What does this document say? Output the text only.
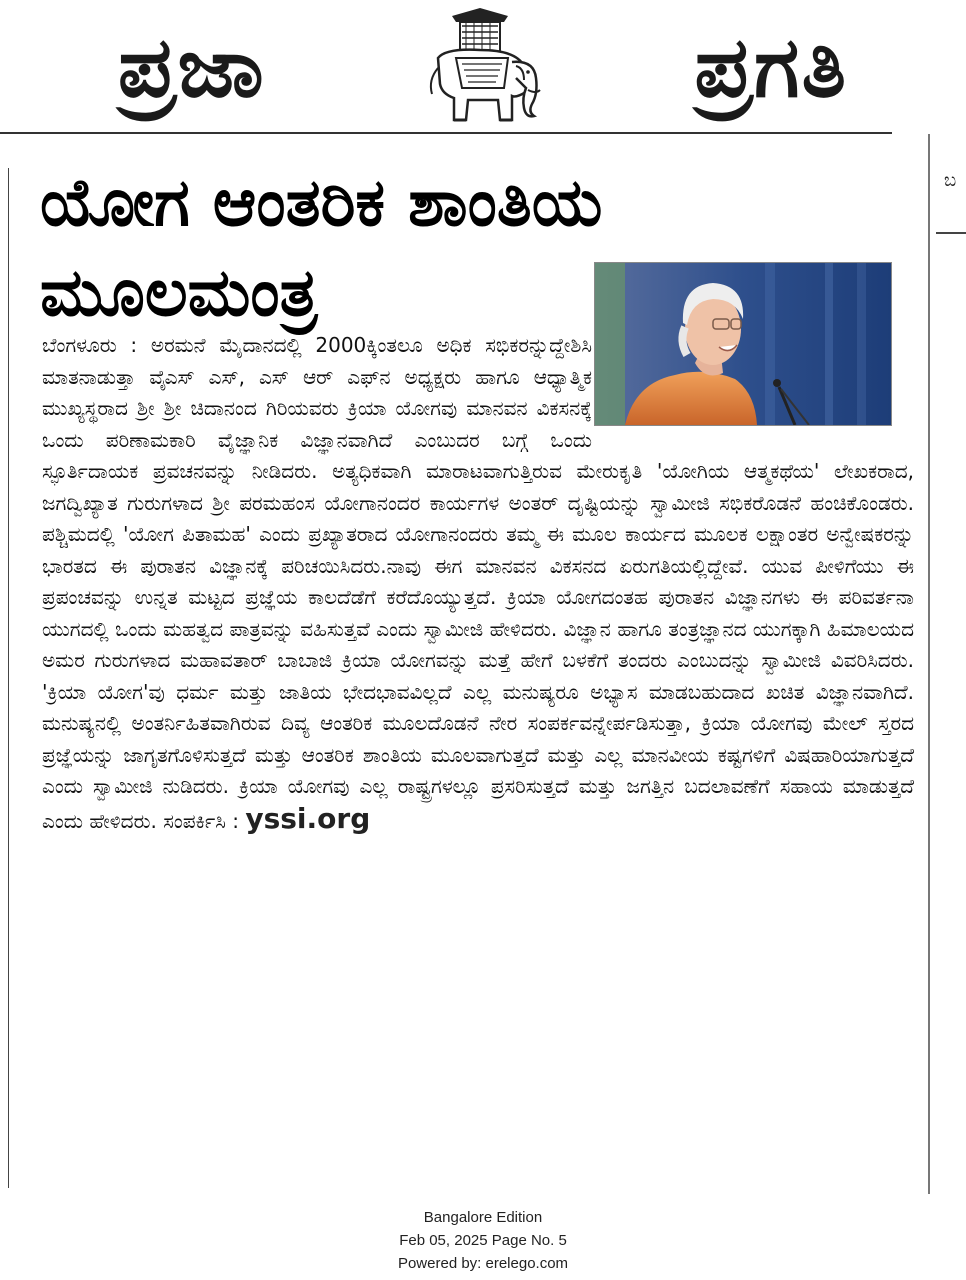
ಪ್ರಜಾ	ಪ್ರಗತಿ
ಬ
ಯೋಗ ಆಂತರಿಕ ಶಾಂತಿಯ ಮೂಲಮಂತ್ರ

ಬೆಂಗಳೂರು : ಅರಮನೆ ಮೈದಾನದಲ್ಲಿ 2000ಕ್ಕಿಂತಲೂ ಅಧಿಕ ಸಭಿಕರನ್ನುದ್ದೇಶಿಸಿ ಮಾತನಾಡುತ್ತಾ ವೈಎಸ್ ಎಸ್, ಎಸ್ ಆರ್ ಎಫ್‌ನ ಅಧ್ಯಕ್ಷರು ಹಾಗೂ ಆಧ್ಯಾತ್ಮಿಕ ಮುಖ್ಯಸ್ಥರಾದ ಶ್ರೀ ಶ್ರೀ ಚಿದಾನಂದ ಗಿರಿಯವರು ಕ್ರಿಯಾ ಯೋಗವು ಮಾನವನ ವಿಕಸನಕ್ಕೆ ಒಂದು ಪರಿಣಾಮಕಾರಿ ವೈಜ್ಞಾನಿಕ ವಿಜ್ಞಾನವಾಗಿದೆ ಎಂಬುದರ ಬಗ್ಗೆ ಒಂದು ಸ್ಫೂರ್ತಿದಾಯಕ ಪ್ರವಚನವನ್ನು ನೀಡಿದರು. ಅತ್ಯಧಿಕವಾಗಿ ಮಾರಾಟವಾಗುತ್ತಿರುವ ಮೇರುಕೃತಿ 'ಯೋಗಿಯ ಆತ್ಮಕಥೆಯ' ಲೇಖಕರಾದ, ಜಗದ್ವಿಖ್ಯಾತ ಗುರುಗಳಾದ ಶ್ರೀ ಪರಮಹಂಸ ಯೋಗಾನಂದರ ಕಾರ್ಯಗಳ ಅಂತರ್ ದೃಷ್ಟಿಯನ್ನು ಸ್ವಾಮೀಜಿ ಸಭಿಕರೊಡನೆ ಹಂಚಿಕೊಂಡರು. ಪಶ್ಚಿಮದಲ್ಲಿ 'ಯೋಗ ಪಿತಾಮಹ' ಎಂದು ಪ್ರಖ್ಯಾತರಾದ ಯೋಗಾನಂದರು ತಮ್ಮ ಈ ಮೂಲ ಕಾರ್ಯದ ಮೂಲಕ ಲಕ್ಷಾಂತರ ಅನ್ವೇಷಕರನ್ನು ಭಾರತದ ಈ ಪುರಾತನ ವಿಜ್ಞಾನಕ್ಕೆ ಪರಿಚಯಿಸಿದರು.ನಾವು ಈಗ ಮಾನವನ ವಿಕಸನದ ಏರುಗತಿಯಲ್ಲಿದ್ದೇವೆ. ಯುವ ಪೀಳಿಗೆಯು ಈ ಪ್ರಪಂಚವನ್ನು ಉನ್ನತ ಮಟ್ಟದ ಪ್ರಜ್ಞೆಯ ಕಾಲದೆಡೆಗೆ ಕರೆದೊಯ್ಯುತ್ತದೆ. ಕ್ರಿಯಾ ಯೋಗದಂತಹ ಪುರಾತನ ವಿಜ್ಞಾನಗಳು ಈ ಪರಿವರ್ತನಾ ಯುಗದಲ್ಲಿ ಒಂದು ಮಹತ್ವದ ಪಾತ್ರವನ್ನು ವಹಿಸುತ್ತವೆ ಎಂದು ಸ್ವಾಮೀಜಿ ಹೇಳಿದರು. ವಿಜ್ಞಾನ ಹಾಗೂ ತಂತ್ರಜ್ಞಾನದ ಯುಗಕ್ಕಾಗಿ ಹಿಮಾಲಯದ ಅಮರ ಗುರುಗಳಾದ ಮಹಾವತಾರ್ ಬಾಬಾಜಿ ಕ್ರಿಯಾ ಯೋಗವನ್ನು ಮತ್ತೆ ಹೇಗೆ ಬಳಕೆಗೆ ತಂದರು ಎಂಬುದನ್ನು ಸ್ವಾಮೀಜಿ ವಿವರಿಸಿದರು. 'ಕ್ರಿಯಾ ಯೋಗ'ವು ಧರ್ಮ ಮತ್ತು ಜಾತಿಯ ಭೇದಭಾವವಿಲ್ಲದೆ ಎಲ್ಲ ಮನುಷ್ಯರೂ ಅಭ್ಯಾಸ ಮಾಡಬಹುದಾದ ಖಚಿತ ವಿಜ್ಞಾನವಾಗಿದೆ. ಮನುಷ್ಯನಲ್ಲಿ ಅಂತರ್ನಿಹಿತವಾಗಿರುವ ದಿವ್ಯ ಆಂತರಿಕ ಮೂಲದೊಡನೆ ನೇರ ಸಂಪರ್ಕವನ್ನೇರ್ಪಡಿಸುತ್ತಾ, ಕ್ರಿಯಾ ಯೋಗವು ಮೇಲ್ ಸ್ತರದ ಪ್ರಜ್ಞೆಯನ್ನು ಜಾಗೃತಗೊಳಿಸುತ್ತದೆ ಮತ್ತು ಆಂತರಿಕ ಶಾಂತಿಯ ಮೂಲವಾಗುತ್ತದೆ ಮತ್ತು ಎಲ್ಲ ಮಾನವೀಯ ಕಷ್ಟಗಳಿಗೆ ವಿಷಹಾರಿಯಾಗುತ್ತದೆ ಎಂದು ಸ್ವಾಮೀಜಿ ನುಡಿದರು. ಕ್ರಿಯಾ ಯೋಗವು ಎಲ್ಲ ರಾಷ್ಟ್ರಗಳಲ್ಲೂ ಪ್ರಸರಿಸುತ್ತದೆ ಮತ್ತು ಜಗತ್ತಿನ ಬದಲಾವಣೆಗೆ ಸಹಾಯ ಮಾಡುತ್ತದೆ ಎಂದು ಹೇಳಿದರು. ಸಂಪರ್ಕಿಸಿ : yssi.org

Bangalore Edition
Feb 05, 2025 Page No. 5
Powered by: erelego.com
